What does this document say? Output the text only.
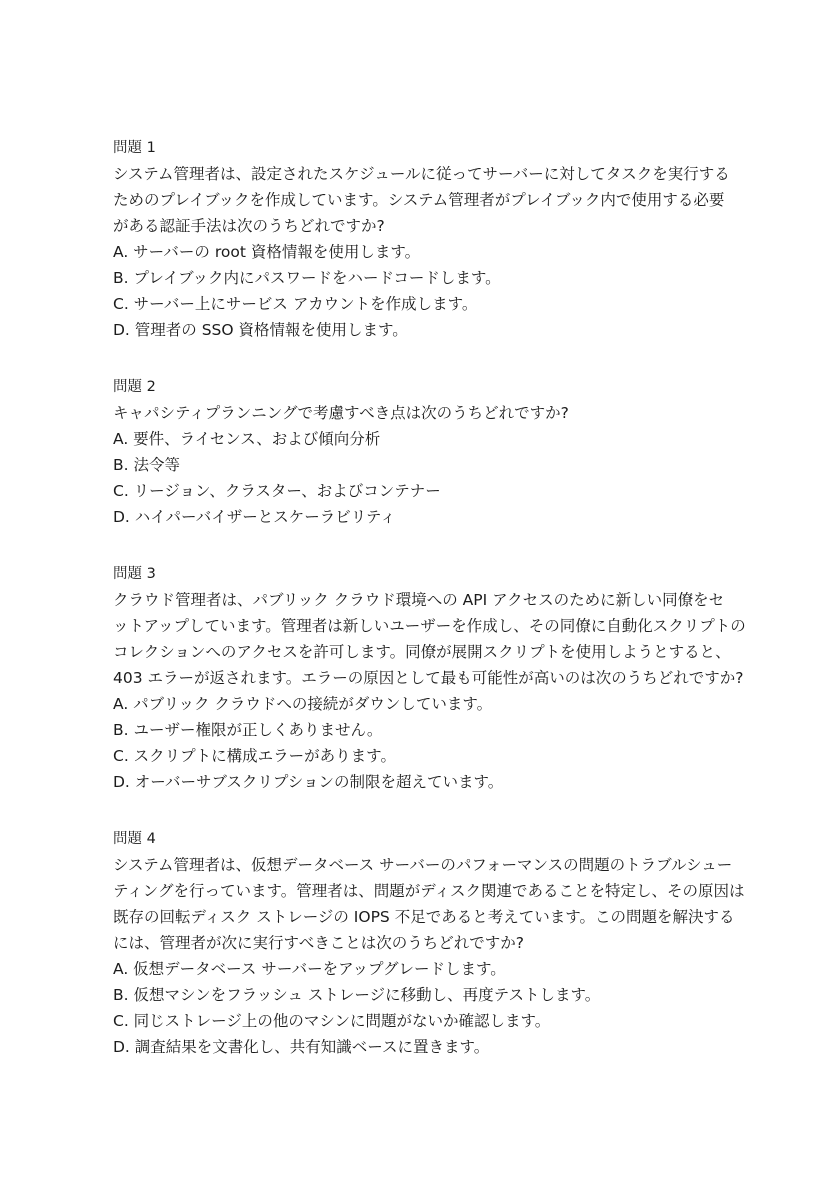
問題 1
システム管理者は、設定されたスケジュールに従ってサーバーに対してタスクを実行する
ためのプレイブックを作成しています。システム管理者がプレイブック内で使用する必要
がある認証手法は次のうちどれですか?
A. サーバーの root 資格情報を使用します。
B. プレイブック内にパスワードをハードコードします。
C. サーバー上にサービス アカウントを作成します。
D. 管理者の SSO 資格情報を使用します。
問題 2
キャパシティプランニングで考慮すべき点は次のうちどれですか?
A. 要件、ライセンス、および傾向分析
B. 法令等
C. リージョン、クラスター、およびコンテナー
D. ハイパーバイザーとスケーラビリティ
問題 3
クラウド管理者は、パブリック クラウド環境への API アクセスのために新しい同僚をセ
ットアップしています。管理者は新しいユーザーを作成し、その同僚に自動化スクリプトの
コレクションへのアクセスを許可します。同僚が展開スクリプトを使用しようとすると、
403 エラーが返されます。エラーの原因として最も可能性が高いのは次のうちどれですか?
A. パブリック クラウドへの接続がダウンしています。
B. ユーザー権限が正しくありません。
C. スクリプトに構成エラーがあります。
D. オーバーサブスクリプションの制限を超えています。
問題 4
システム管理者は、仮想データベース サーバーのパフォーマンスの問題のトラブルシュー
ティングを行っています。管理者は、問題がディスク関連であることを特定し、その原因は
既存の回転ディスク ストレージの IOPS 不足であると考えています。この問題を解決する
には、管理者が次に実行すべきことは次のうちどれですか?
A. 仮想データベース サーバーをアップグレードします。
B. 仮想マシンをフラッシュ ストレージに移動し、再度テストします。
C. 同じストレージ上の他のマシンに問題がないか確認します。
D. 調査結果を文書化し、共有知識ベースに置きます。
